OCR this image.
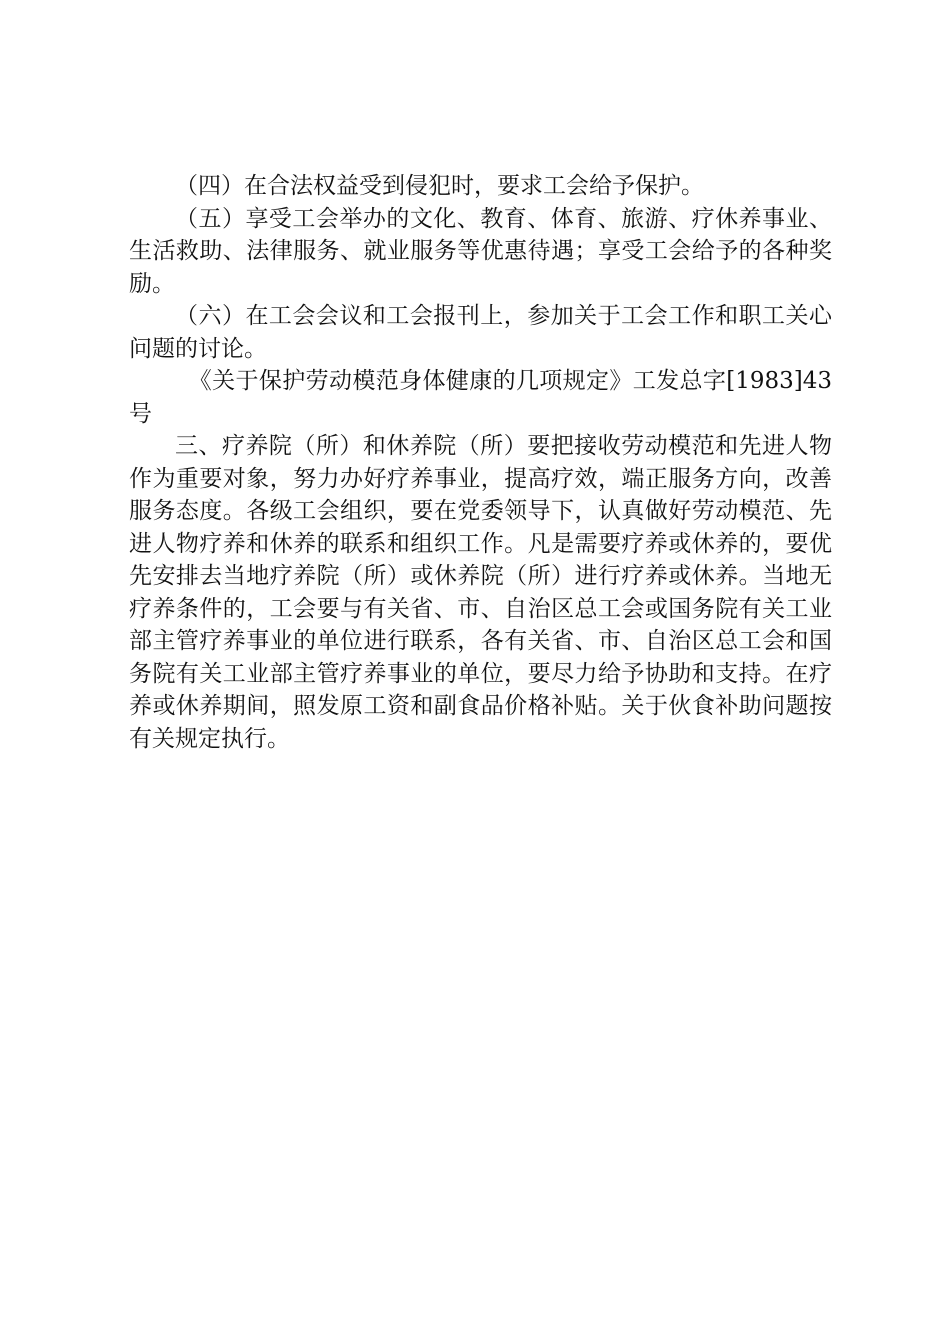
（四）在合法权益受到侵犯时，要求工会给予保护。

（五）享受工会举办的文化、教育、体育、旅游、疗休养事业、生活救助、法律服务、就业服务等优惠待遇；享受工会给予的各种奖励。

（六）在工会会议和工会报刊上，参加关于工会工作和职工关心问题的讨论。

《关于保护劳动模范身体健康的几项规定》工发总字[1983]43号

三、疗养院（所）和休养院（所）要把接收劳动模范和先进人物作为重要对象，努力办好疗养事业，提高疗效，端正服务方向，改善服务态度。各级工会组织，要在党委领导下，认真做好劳动模范、先进人物疗养和休养的联系和组织工作。凡是需要疗养或休养的，要优先安排去当地疗养院（所）或休养院（所）进行疗养或休养。当地无疗养条件的，工会要与有关省、市、自治区总工会或国务院有关工业部主管疗养事业的单位进行联系，各有关省、市、自治区总工会和国务院有关工业部主管疗养事业的单位，要尽力给予协助和支持。在疗养或休养期间，照发原工资和副食品价格补贴。关于伙食补助问题按有关规定执行。
